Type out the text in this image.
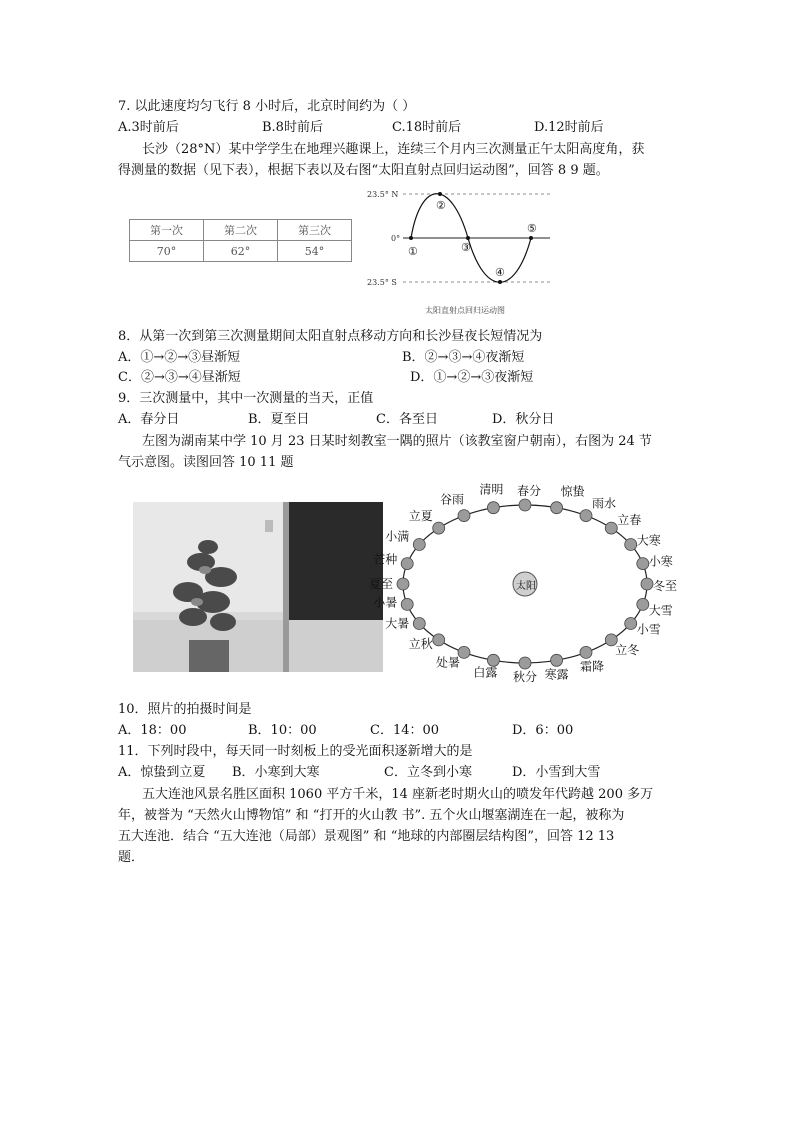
7. 以此速度均匀飞行 8 小时后，北京时间约为（ ）
A.3时前后	B.8时前后	C.18时前后	D.12时前后
长沙（28°N）某中学学生在地理兴趣课上，连续三个月内三次测量正午太阳高度角，获
得测量的数据（见下表），根据下表以及右图“太阳直射点回归运动图”，回答 8 9 题。
第一次	第二次	第三次
70°	62°	54°
23.5° N
0°
23.5° S
①
②
③
④
⑤
太阳直射点回归运动图
8．从第一次到第三次测量期间太阳直射点移动方向和长沙昼夜长短情况为
A．①→②→③昼渐短	B．②→③→④夜渐短
C．②→③→④昼渐短	D．①→②→③夜渐短
9．三次测量中，其中一次测量的当天，正值
A．春分日	B．夏至日	C．各至日	D．秋分日
左图为湖南某中学 10 月 23 日某时刻教室一隅的照片（该教室窗户朝南），右图为 24 节
气示意图。读图回答 10 11 题
太阳
春分 惊蛰
雨水
立春
大寒
小寒
冬至
大雪
小雪
立冬
霜降
寒露
秋分
白露
处暑
立秋
大暑
小暑
夏至
芒种
小满
立夏
谷雨
清明
10．照片的拍摄时间是
A．18：00	B．10：00	C．14：00	D．6：00
11．下列时段中，每天同一时刻板上的受光面积逐新增大的是
A．惊蛰到立夏 B．小寒到大寒	C．立冬到小寒	D．小雪到大雪
五大连池风景名胜区面积 1060 平方千米，14 座新老时期火山的喷发年代跨越 200 多万
年，被誉为 “天然火山博物馆” 和 “打开的火山教 书”. 五个火山堰塞湖连在一起，被称为
五大连池．结合 “五大连池（局部）景观图” 和 “地球的内部圈层结构图”，回答 12 13
题．
